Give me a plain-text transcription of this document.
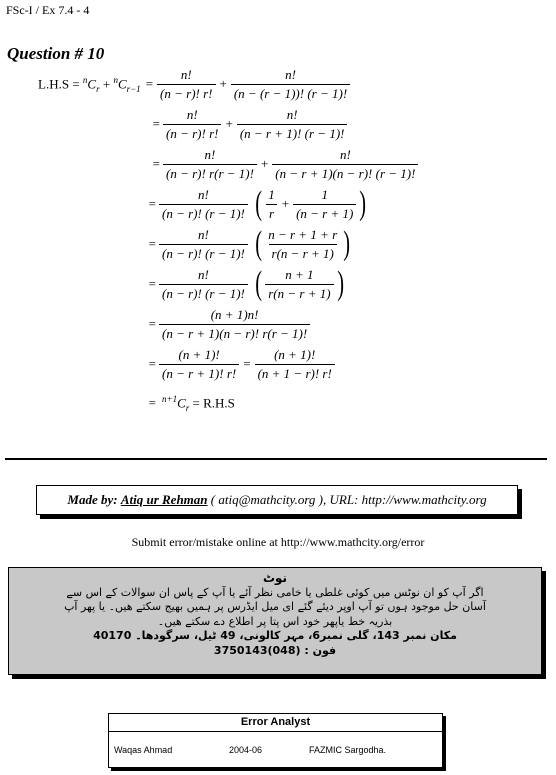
FSc-I / Ex 7.4 - 4
Question # 10
$L.H.S = ^nC_r + ^nC_{r-1} = \frac{n!}{(n - r)! r!} + \frac{n!}{(n - (r - 1))! (r - 1)!}$
= $\frac{n!}{(n - r)! r!} + \frac{n!}{(n - r + 1)! (r - 1)!}$
= $\frac{n!}{(n - r)! r(r - 1)!} + \frac{n!}{(n - r + 1)(n - r)! (r - 1)!}$
= $\frac{n!}{(n - r)! (r - 1)!}$ ( $\frac{1}{r} + \frac{1}{(n - r + 1)}$ )
= $\frac{n!}{(n - r)! (r - 1)!}$ ( $\frac{n - r + 1 + r}{r(n - r + 1)}$ )
= $\frac{n!}{(n - r)! (r - 1)!}$ ( $\frac{n + 1}{r(n - r + 1)}$ )
= $\frac{(n + 1)n!}{(n - r + 1)(n - r)! r(r - 1)!}$
= $\frac{(n + 1)!}{(n - r + 1)! r!} = \frac{(n + 1)!}{(n + 1 - r)! r!}$
= $^{n+1}C_r = R.H.S$
Made by: Atiq ur Rehman ( atiq@mathcity.org ), URL: http://www.mathcity.org
Submit error/mistake online at http://www.mathcity.org/error
نوٹ
اگر آپ کو ان نوٹس میں کوئی غلطی یا خامی نظر آئے یا آپ کے پاس ان سوالات کے اس سے
آسان حل موجود ہوں تو آپ اوپر دیئے گئے ای میل ایڈرس پر ہمیں بھیج سکتے ھیں۔ یا پھر آپ
بذریہ خط یاپھر خود اس پتا پر اطلاع دے سکتے ھیں۔
مکان نمبر 143، گلی نمبر6، مہر کالونی، 49 ٹیل، سرگودھا۔ 40170
فون : (048)3750143
Error Analyst
Waqas Ahmad	2004-06	FAZMIC Sargodha.
